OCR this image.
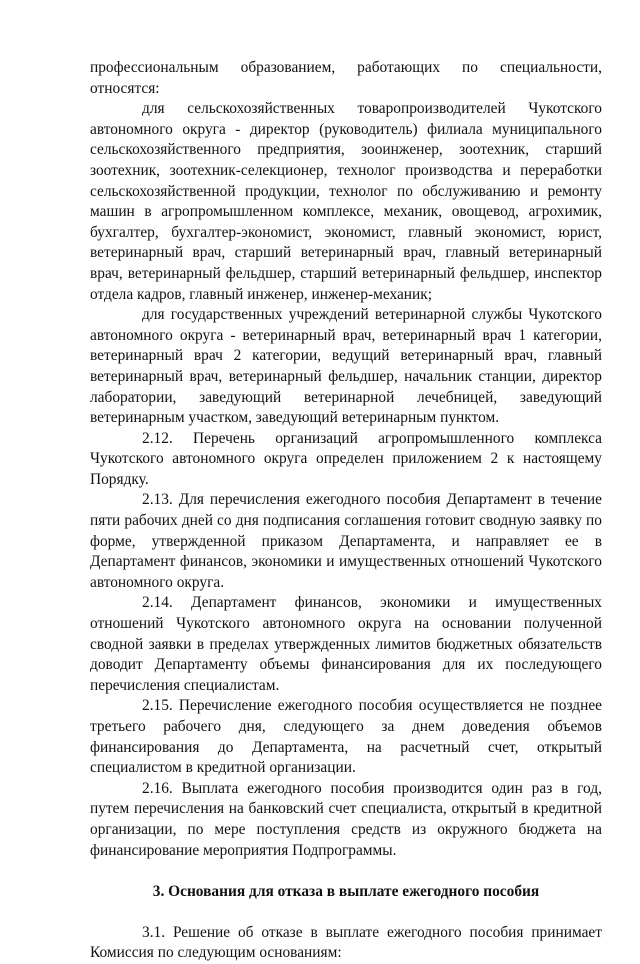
профессиональным образованием, работающих по специальности, относятся:

для сельскохозяйственных товаропроизводителей Чукотского автономного округа - директор (руководитель) филиала муниципального сельскохозяйственного предприятия, зооинженер, зоотехник, старший зоотехник, зоотехник-селекционер, технолог производства и переработки сельскохозяйственной продукции, технолог по обслуживанию и ремонту машин в агропромышленном комплексе, механик, овощевод, агрохимик, бухгалтер, бухгалтер-экономист, экономист, главный экономист, юрист, ветеринарный врач, старший ветеринарный врач, главный ветеринарный врач, ветеринарный фельдшер, старший ветеринарный фельдшер, инспектор отдела кадров, главный инженер, инженер-механик;

для государственных учреждений ветеринарной службы Чукотского автономного округа - ветеринарный врач, ветеринарный врач 1 категории, ветеринарный врач 2 категории, ведущий ветеринарный врач, главный ветеринарный врач, ветеринарный фельдшер, начальник станции, директор лаборатории, заведующий ветеринарной лечебницей, заведующий ветеринарным участком, заведующий ветеринарным пунктом.

2.12. Перечень организаций агропромышленного комплекса Чукотского автономного округа определен приложением 2 к настоящему Порядку.

2.13. Для перечисления ежегодного пособия Департамент в течение пяти рабочих дней со дня подписания соглашения готовит сводную заявку по форме, утвержденной приказом Департамента, и направляет ее в Департамент финансов, экономики и имущественных отношений Чукотского автономного округа.

2.14. Департамент финансов, экономики и имущественных отношений Чукотского автономного округа на основании полученной сводной заявки в пределах утвержденных лимитов бюджетных обязательств доводит Департаменту объемы финансирования для их последующего перечисления специалистам.

2.15. Перечисление ежегодного пособия осуществляется не позднее третьего рабочего дня, следующего за днем доведения объемов финансирования до Департамента, на расчетный счет, открытый специалистом в кредитной организации.

2.16. Выплата ежегодного пособия производится один раз в год, путем перечисления на банковский счет специалиста, открытый в кредитной организации, по мере поступления средств из окружного бюджета на финансирование мероприятия Подпрограммы.

3. Основания для отказа в выплате ежегодного пособия

3.1. Решение об отказе в выплате ежегодного пособия принимает Комиссия по следующим основаниям:
